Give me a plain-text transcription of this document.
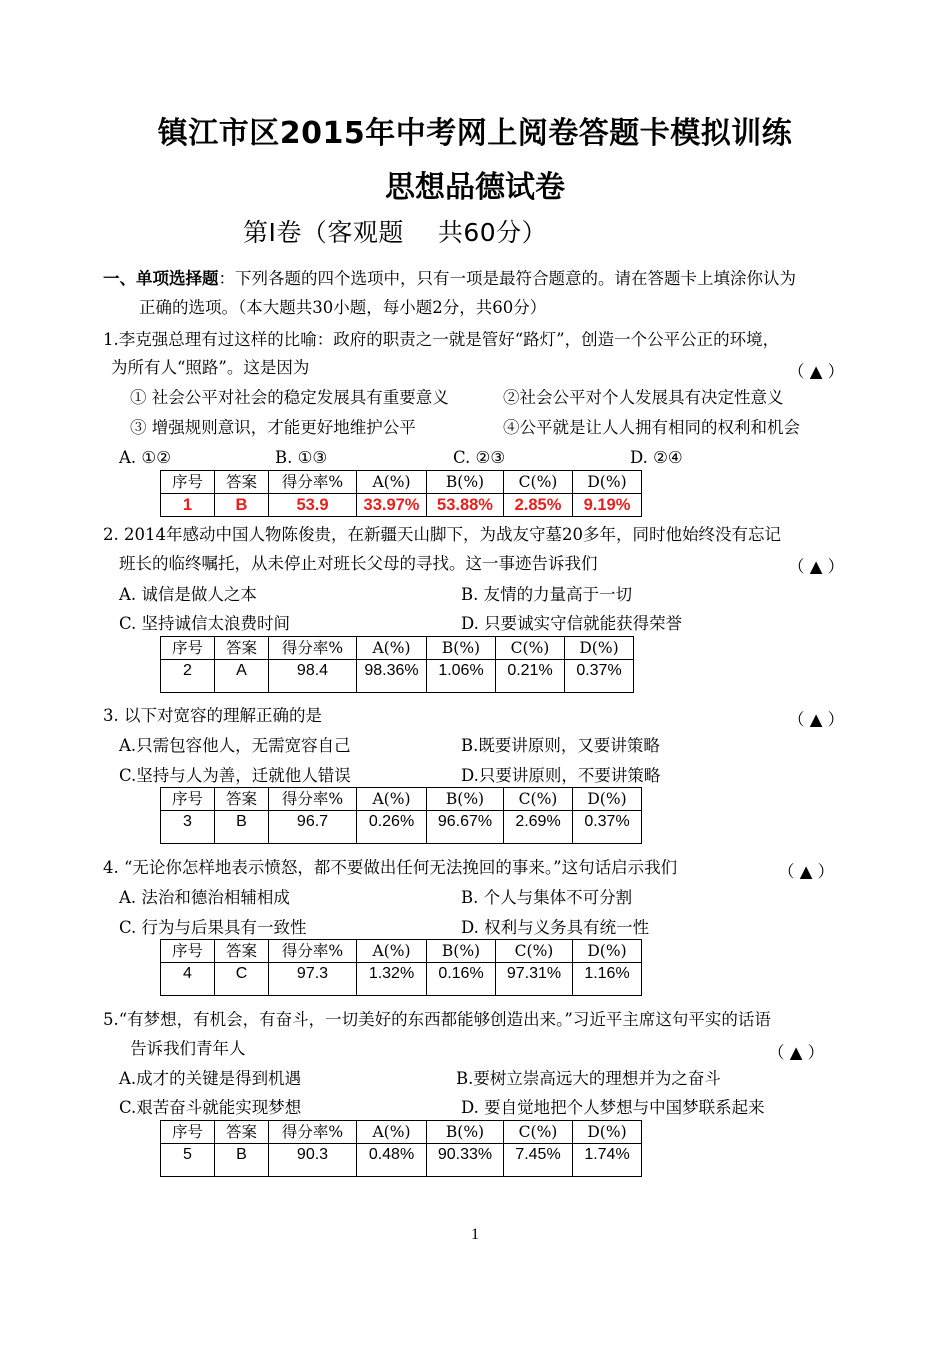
镇江市区2015年中考网上阅卷答题卡模拟训练
思想品德试卷
第Ⅰ卷（客观题　 共60分）
一、单项选择题：下列各题的四个选项中，只有一项是最符合题意的。请在答题卡上填涂你认为
正确的选项。（本大题共30小题，每小题2分，共60分）
1.李克强总理有过这样的比喻：政府的职责之一就是管好“路灯”，创造一个公平公正的环境，
为所有人“照路”。这是因为	（ ▲ ）
① 社会公平对社会的稳定发展具有重要意义	②社会公平对个人发展具有决定性意义
③ 增强规则意识，才能更好地维护公平	④公平就是让人人拥有相同的权利和机会
A. ①②	B. ①③	C. ②③	D. ②④
序号	答案	得分率%	A(%)	B(%)	C(%)	D(%)
1	B	53.9	33.97%	53.88%	2.85%	9.19%
2. 2014年感动中国人物陈俊贵，在新疆天山脚下，为战友守墓20多年，同时他始终没有忘记
班长的临终嘱托，从未停止对班长父母的寻找。这一事迹告诉我们	（ ▲ ）
A. 诚信是做人之本	B. 友情的力量高于一切
C. 坚持诚信太浪费时间	D. 只要诚实守信就能获得荣誉
序号	答案	得分率%	A(%)	B(%)	C(%)	D(%)
2	A	98.4	98.36%	1.06%	0.21%	0.37%
3. 以下对宽容的理解正确的是	（ ▲ ）
A.只需包容他人，无需宽容自己	B.既要讲原则，又要讲策略
C.坚持与人为善，迁就他人错误	D.只要讲原则，不要讲策略
序号	答案	得分率%	A(%)	B(%)	C(%)	D(%)
3	B	96.7	0.26%	96.67%	2.69%	0.37%
4. “无论你怎样地表示愤怒，都不要做出任何无法挽回的事来。”这句话启示我们	（ ▲ ）
A. 法治和德治相辅相成	B. 个人与集体不可分割
C. 行为与后果具有一致性	D. 权利与义务具有统一性
序号	答案	得分率%	A(%)	B(%)	C(%)	D(%)
4	C	97.3	1.32%	0.16%	97.31%	1.16%
5.“有梦想，有机会，有奋斗，一切美好的东西都能够创造出来。”习近平主席这句平实的话语
告诉我们青年人	（ ▲ ）
A.成才的关键是得到机遇	B.要树立崇高远大的理想并为之奋斗
C.艰苦奋斗就能实现梦想	D. 要自觉地把个人梦想与中国梦联系起来
序号	答案	得分率%	A(%)	B(%)	C(%)	D(%)
5	B	90.3	0.48%	90.33%	7.45%	1.74%
1
